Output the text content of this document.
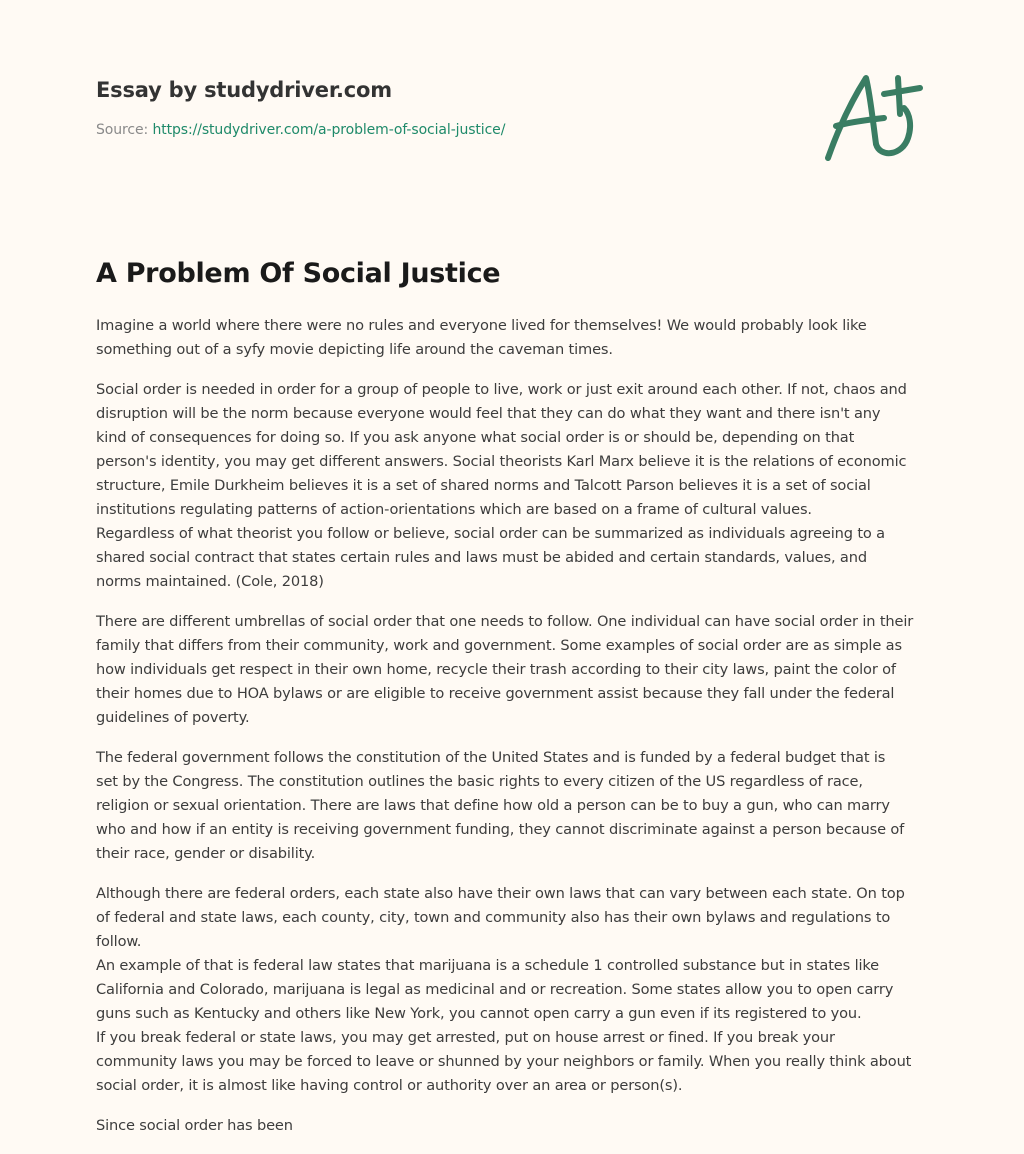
Essay by studydriver.com
Source: https://studydriver.com/a-problem-of-social-justice/
A Problem Of Social Justice

Imagine a world where there were no rules and everyone lived for themselves! We would probably look like
something out of a syfy movie depicting life around the caveman times.

Social order is needed in order for a group of people to live, work or just exit around each other. If not, chaos and
disruption will be the norm because everyone would feel that they can do what they want and there isn't any
kind of consequences for doing so. If you ask anyone what social order is or should be, depending on that
person's identity, you may get different answers. Social theorists Karl Marx believe it is the relations of economic
structure, Emile Durkheim believes it is a set of shared norms and Talcott Parson believes it is a set of social
institutions regulating patterns of action-orientations which are based on a frame of cultural values.
Regardless of what theorist you follow or believe, social order can be summarized as individuals agreeing to a
shared social contract that states certain rules and laws must be abided and certain standards, values, and
norms maintained. (Cole, 2018)

There are different umbrellas of social order that one needs to follow. One individual can have social order in their
family that differs from their community, work and government. Some examples of social order are as simple as
how individuals get respect in their own home, recycle their trash according to their city laws, paint the color of
their homes due to HOA bylaws or are eligible to receive government assist because they fall under the federal
guidelines of poverty.

The federal government follows the constitution of the United States and is funded by a federal budget that is
set by the Congress. The constitution outlines the basic rights to every citizen of the US regardless of race,
religion or sexual orientation. There are laws that define how old a person can be to buy a gun, who can marry
who and how if an entity is receiving government funding, they cannot discriminate against a person because of
their race, gender or disability.

Although there are federal orders, each state also have their own laws that can vary between each state. On top
of federal and state laws, each county, city, town and community also has their own bylaws and regulations to
follow.
An example of that is federal law states that marijuana is a schedule 1 controlled substance but in states like
California and Colorado, marijuana is legal as medicinal and or recreation. Some states allow you to open carry
guns such as Kentucky and others like New York, you cannot open carry a gun even if its registered to you.
If you break federal or state laws, you may get arrested, put on house arrest or fined. If you break your
community laws you may be forced to leave or shunned by your neighbors or family. When you really think about
social order, it is almost like having control or authority over an area or person(s).

Since social order has been
